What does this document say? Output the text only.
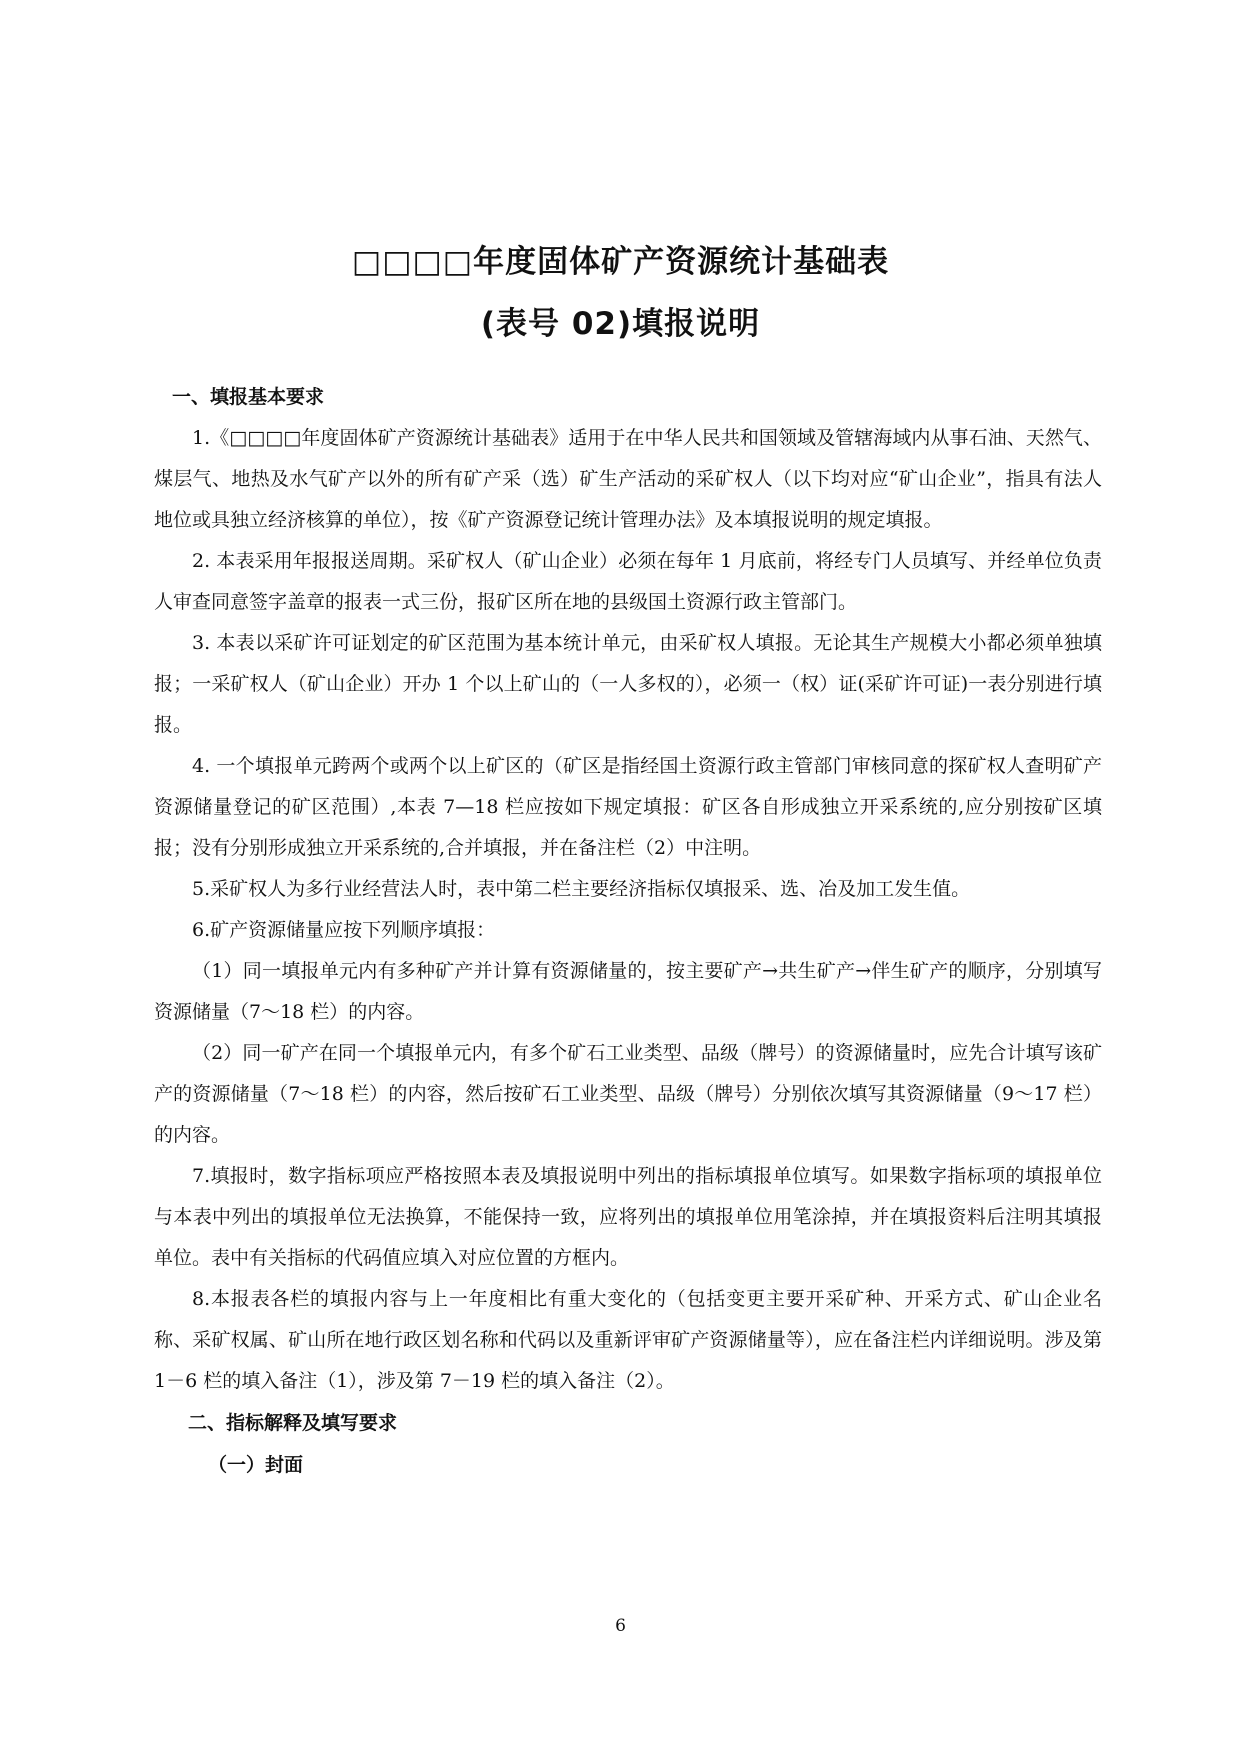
□□□□年度固体矿产资源统计基础表
(表号 02)填报说明
一、填报基本要求

1.《□□□□年度固体矿产资源统计基础表》适用于在中华人民共和国领域及管辖海域内从事石油、天然气、煤层气、地热及水气矿产以外的所有矿产采（选）矿生产活动的采矿权人（以下均对应“矿山企业”，指具有法人地位或具独立经济核算的单位），按《矿产资源登记统计管理办法》及本填报说明的规定填报。

2. 本表采用年报报送周期。采矿权人（矿山企业）必须在每年 1 月底前，将经专门人员填写、并经单位负责人审查同意签字盖章的报表一式三份，报矿区所在地的县级国土资源行政主管部门。

3. 本表以采矿许可证划定的矿区范围为基本统计单元，由采矿权人填报。无论其生产规模大小都必须单独填报；一采矿权人（矿山企业）开办 1 个以上矿山的（一人多权的），必须一（权）证(采矿许可证)一表分别进行填报。

4. 一个填报单元跨两个或两个以上矿区的（矿区是指经国土资源行政主管部门审核同意的探矿权人查明矿产资源储量登记的矿区范围）,本表 7—18 栏应按如下规定填报：矿区各自形成独立开采系统的,应分别按矿区填报；没有分别形成独立开采系统的,合并填报，并在备注栏（2）中注明。

5.采矿权人为多行业经营法人时，表中第二栏主要经济指标仅填报采、选、冶及加工发生值。

6.矿产资源储量应按下列顺序填报：

（1）同一填报单元内有多种矿产并计算有资源储量的，按主要矿产→共生矿产→伴生矿产的顺序，分别填写资源储量（7～18 栏）的内容。

（2）同一矿产在同一个填报单元内，有多个矿石工业类型、品级（牌号）的资源储量时，应先合计填写该矿产的资源储量（7～18 栏）的内容，然后按矿石工业类型、品级（牌号）分别依次填写其资源储量（9～17 栏）的内容。

7.填报时，数字指标项应严格按照本表及填报说明中列出的指标填报单位填写。如果数字指标项的填报单位与本表中列出的填报单位无法换算，不能保持一致，应将列出的填报单位用笔涂掉，并在填报资料后注明其填报单位。表中有关指标的代码值应填入对应位置的方框内。

8.本报表各栏的填报内容与上一年度相比有重大变化的（包括变更主要开采矿种、开采方式、矿山企业名称、采矿权属、矿山所在地行政区划名称和代码以及重新评审矿产资源储量等），应在备注栏内详细说明。涉及第 1－6 栏的填入备注（1），涉及第 7－19 栏的填入备注（2）。

二、指标解释及填写要求
（一）封面
6
